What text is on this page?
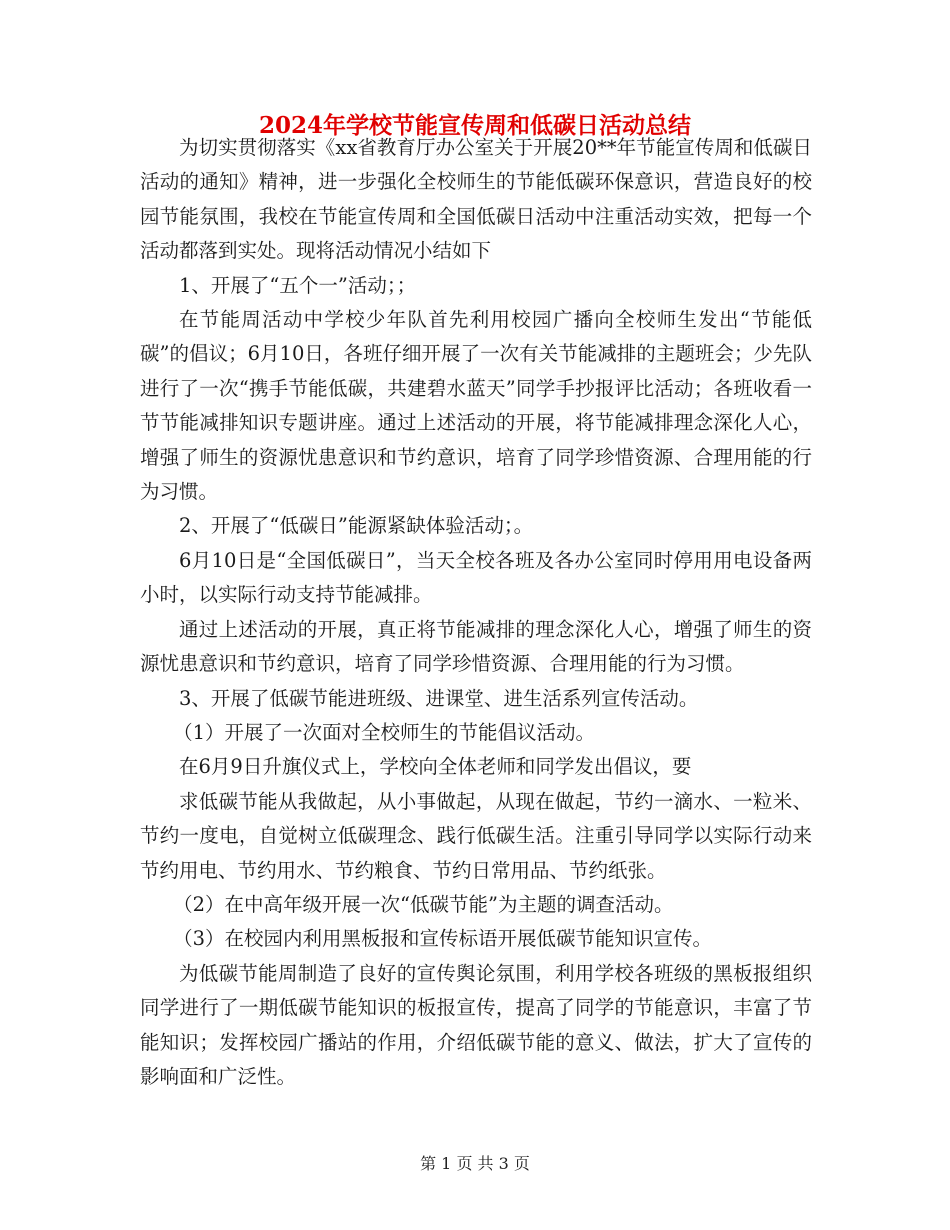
2024年学校节能宣传周和低碳日活动总结

为切实贯彻落实《xx省教育厅办公室关于开展20**年节能宣传周和低碳日活动的通知》精神，进一步强化全校师生的节能低碳环保意识，营造良好的校园节能氛围，我校在节能宣传周和全国低碳日活动中注重活动实效，把每一个活动都落到实处。现将活动情况小结如下

1、开展了“五个一”活动；；

在节能周活动中学校少年队首先利用校园广播向全校师生发出“节能低碳”的倡议；6月10日，各班仔细开展了一次有关节能减排的主题班会；少先队进行了一次“携手节能低碳，共建碧水蓝天”同学手抄报评比活动；各班收看一节节能减排知识专题讲座。通过上述活动的开展，将节能减排理念深化人心，增强了师生的资源忧患意识和节约意识，培育了同学珍惜资源、合理用能的行为习惯。

2、开展了“低碳日”能源紧缺体验活动；。

6月10日是“全国低碳日”，当天全校各班及各办公室同时停用用电设备两小时，以实际行动支持节能减排。

通过上述活动的开展，真正将节能减排的理念深化人心，增强了师生的资源忧患意识和节约意识，培育了同学珍惜资源、合理用能的行为习惯。

3、开展了低碳节能进班级、进课堂、进生活系列宣传活动。

（1）开展了一次面对全校师生的节能倡议活动。

在6月9日升旗仪式上，学校向全体老师和同学发出倡议，要

求低碳节能从我做起，从小事做起，从现在做起，节约一滴水、一粒米、节约一度电，自觉树立低碳理念、践行低碳生活。注重引导同学以实际行动来节约用电、节约用水、节约粮食、节约日常用品、节约纸张。

（2）在中高年级开展一次“低碳节能”为主题的调查活动。

（3）在校园内利用黑板报和宣传标语开展低碳节能知识宣传。

为低碳节能周制造了良好的宣传舆论氛围，利用学校各班级的黑板报组织同学进行了一期低碳节能知识的板报宣传，提高了同学的节能意识，丰富了节能知识；发挥校园广播站的作用，介绍低碳节能的意义、做法，扩大了宣传的影响面和广泛性。

第 1 页 共 3 页
